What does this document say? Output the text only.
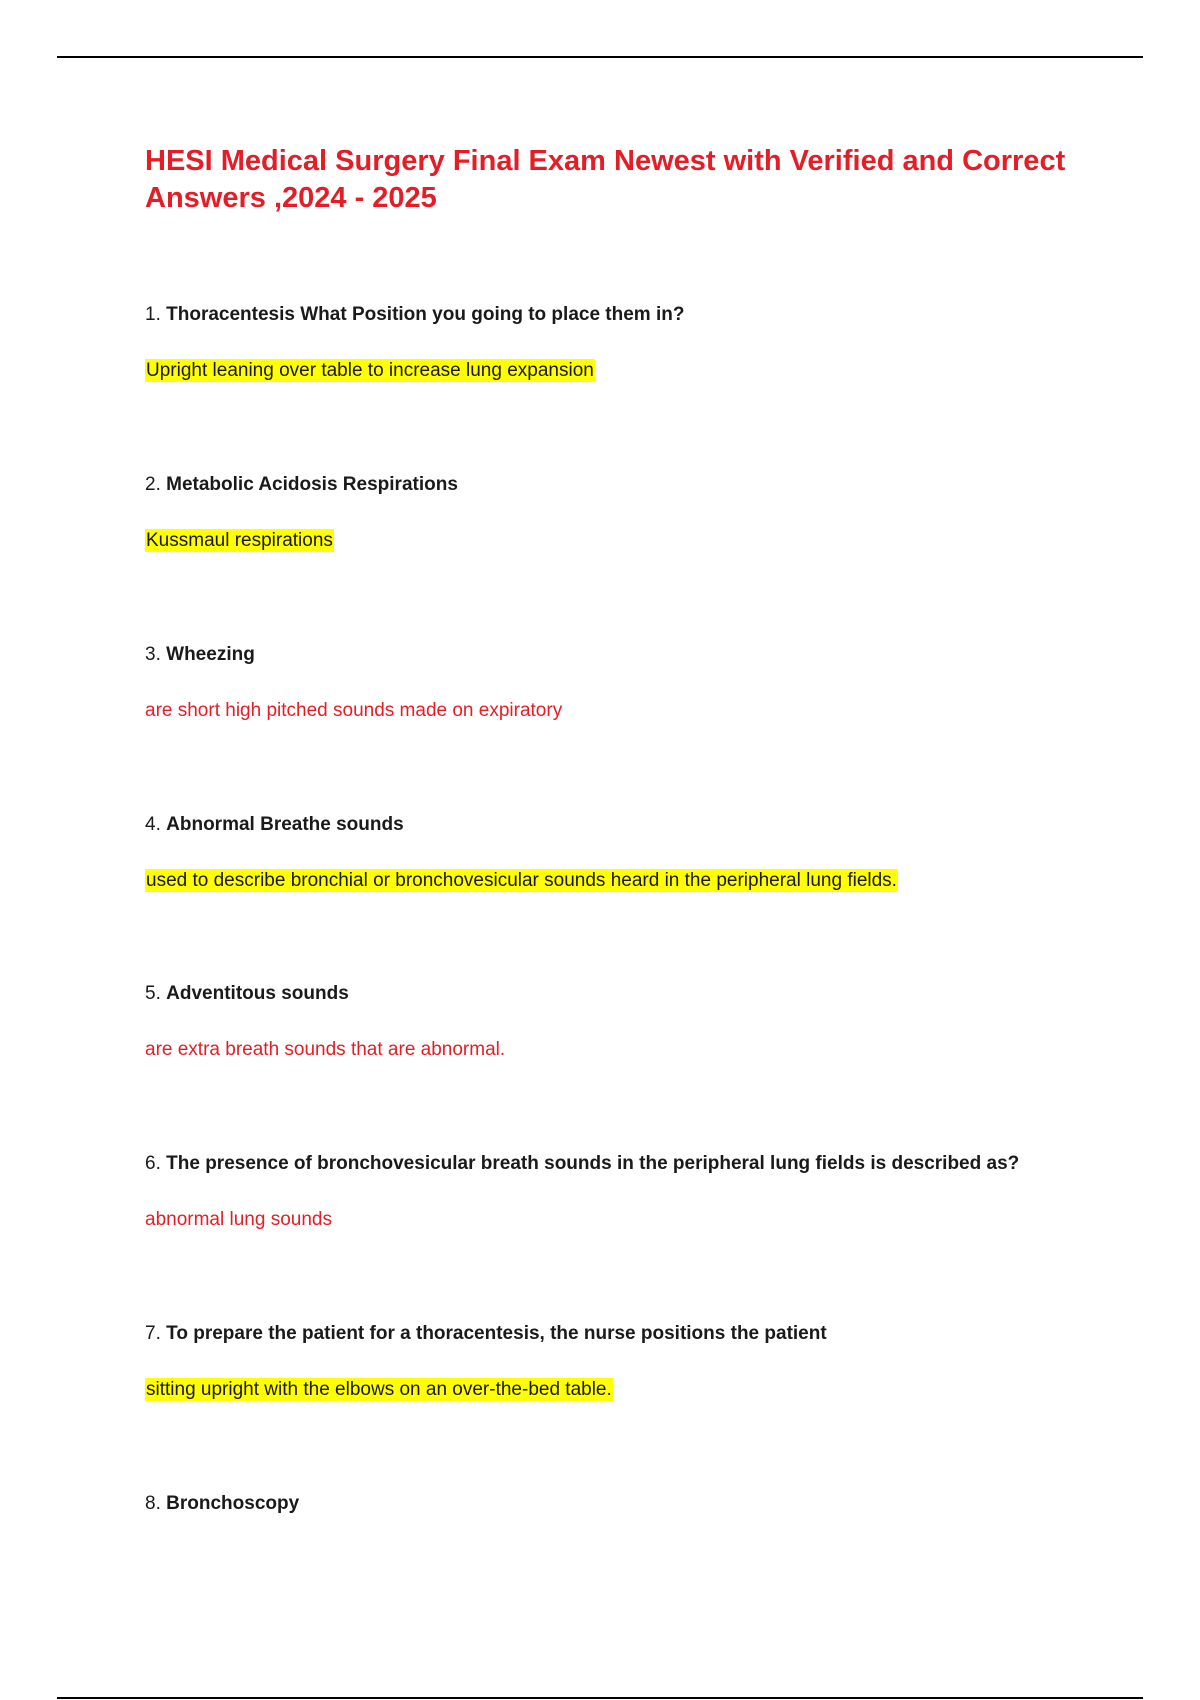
HESI Medical Surgery Final Exam Newest with Verified and Correct Answers ,2024 - 2025
1. Thoracentesis What Position you going to place them in?
Upright leaning over table to increase lung expansion
2. Metabolic Acidosis Respirations
Kussmaul respirations
3. Wheezing
are short high pitched sounds made on expiratory
4. Abnormal Breathe sounds
used to describe bronchial or bronchovesicular sounds heard in the peripheral lung fields.
5. Adventitous sounds
are extra breath sounds that are abnormal.
6. The presence of bronchovesicular breath sounds in the peripheral lung fields is described as?
abnormal lung sounds
7. To prepare the patient for a thoracentesis, the nurse positions the patient
sitting upright with the elbows on an over-the-bed table.
8. Bronchoscopy
